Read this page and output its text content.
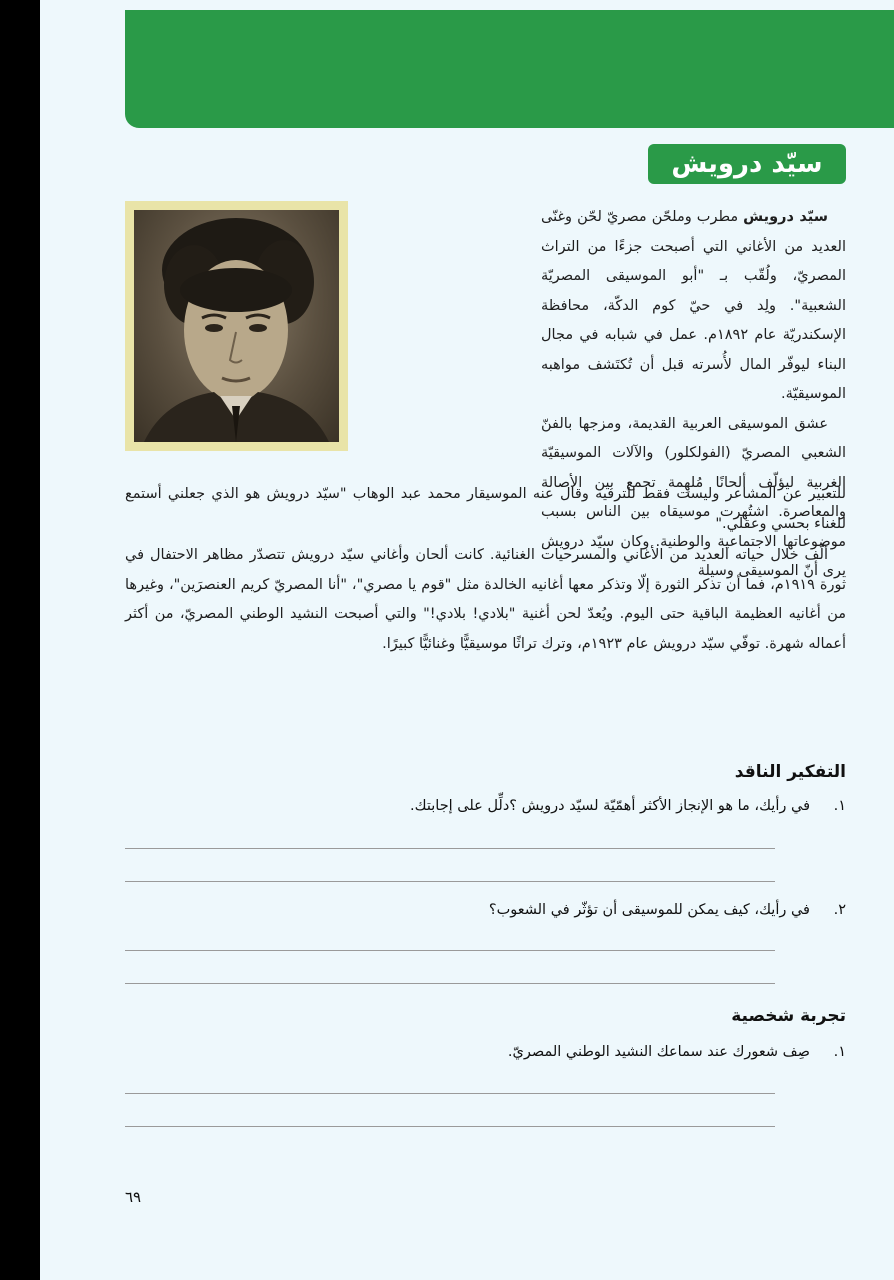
سيّد درويش

سيّد درويش مطرب وملحّن مصريّ لحّن وغنّى العديد من الأغاني التي أصبحت جزءًا من التراث المصريّ، ولُقّب بـ "أبو الموسيقى المصريّة الشعبية". ولِد في حيّ كوم الدكّة، محافظة الإسكندريّة عام ١٨٩٢م. عمل في شبابه في مجال البناء ليوفّر المال لأُسرته قبل أن تُكتَشف مواهبه الموسيقيّة.

عشق الموسيقى العربية القديمة، ومزجها بالفنّ الشعبي المصريّ (الفولكلور) والآلات الموسيقيّة الغربية ليؤلّف ألحانًا مُلهِمة تجمع بين الأصالة والمعاصرة. اشتُهرت موسيقاه بين الناس بسبب موضوعاتها الاجتماعية والوطنية. وكان سيّد درويش يرى أنّ الموسيقى وسيلة

للتعبير عن المشاعر وليست فقط للترفيه وقال عنه الموسيقار محمد عبد الوهاب "سيّد درويش هو الذي جعلني أستمع للغناء بحسي وعقلي."

ألّف خلال حياته العديد من الأغاني والمسرحيات الغنائية. كانت ألحان وأغاني سيّد درويش تتصدّر مظاهر الاحتفال في ثورة ١٩١٩م، فما أن تذكر الثورة إلّا وتذكر معها أغانيه الخالدة مثل "قوم يا مصري"، "أنا المصريّ كريم العنصرَين"، وغيرها من أغانيه العظيمة الباقية حتى اليوم. ويُعدّ لحن أغنية "بلادي! بلادي!" والتي أصبحت النشيد الوطني المصريّ، من أكثر أعماله شهرة. توفّي سيّد درويش عام ١٩٢٣م، وترك تراثًا موسيقيًّا وغنائيًّا كبيرًا.

التفكير الناقد
١.
في رأيك، ما هو الإنجاز الأكثر أهمّيّة لسيّد درويش ؟دلِّل على إجابتك.
٢.
في رأيك، كيف يمكن للموسيقى أن تؤثّر في الشعوب؟
تجربة شخصية
١.
صِف شعورك عند سماعك النشيد الوطني المصريّ.
٦٩
